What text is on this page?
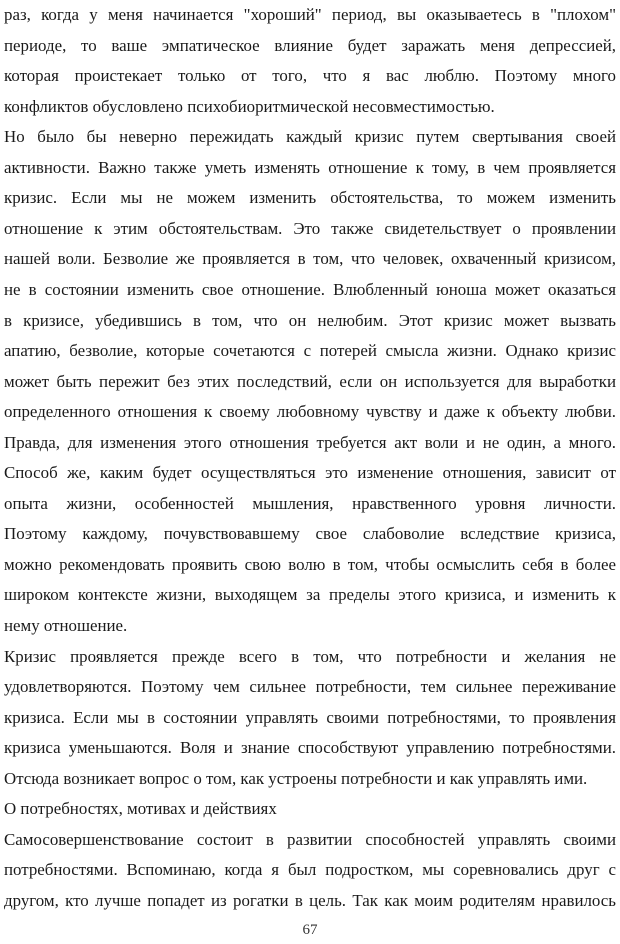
раз, когда у меня начинается "хороший" период, вы оказываетесь в "плохом"
периоде, то ваше эмпатическое влияние будет заражать меня депрессией,
которая проистекает только от того, что я вас люблю. Поэтому много
конфликтов обусловлено психобиоритмической несовместимостью.
Но было бы неверно пережидать каждый кризис путем свертывания своей
активности. Важно также уметь изменять отношение к тому, в чем проявляется
кризис. Если мы не можем изменить обстоятельства, то можем изменить
отношение к этим обстоятельствам. Это также свидетельствует о проявлении
нашей воли. Безволие же проявляется в том, что человек, охваченный кризисом,
не в состоянии изменить свое отношение. Влюбленный юноша может оказаться
в кризисе, убедившись в том, что он нелюбим. Этот кризис может вызвать
апатию, безволие, которые сочетаются с потерей смысла жизни. Однако кризис
может быть пережит без этих последствий, если он используется для выработки
определенного отношения к своему любовному чувству и даже к объекту любви.
Правда, для изменения этого отношения требуется акт воли и не один, а много.
Способ же, каким будет осуществляться это изменение отношения, зависит от
опыта жизни, особенностей мышления, нравственного уровня личности.
Поэтому каждому, почувствовавшему свое слабоволие вследствие кризиса,
можно рекомендовать проявить свою волю в том, чтобы осмыслить себя в более
широком контексте жизни, выходящем за пределы этого кризиса, и изменить к
нему отношение.
Кризис проявляется прежде всего в том, что потребности и желания не
удовлетворяются. Поэтому чем сильнее потребности, тем сильнее переживание
кризиса. Если мы в состоянии управлять своими потребностями, то проявления
кризиса уменьшаются. Воля и знание способствуют управлению потребностями.
Отсюда возникает вопрос о том, как устроены потребности и как управлять ими.
О потребностях, мотивах и действиях
Самосовершенствование состоит в развитии способностей управлять своими
потребностями. Вспоминаю, когда я был подростком, мы соревновались друг с
другом, кто лучше попадет из рогатки в цель. Так как моим родителям нравилось
67
